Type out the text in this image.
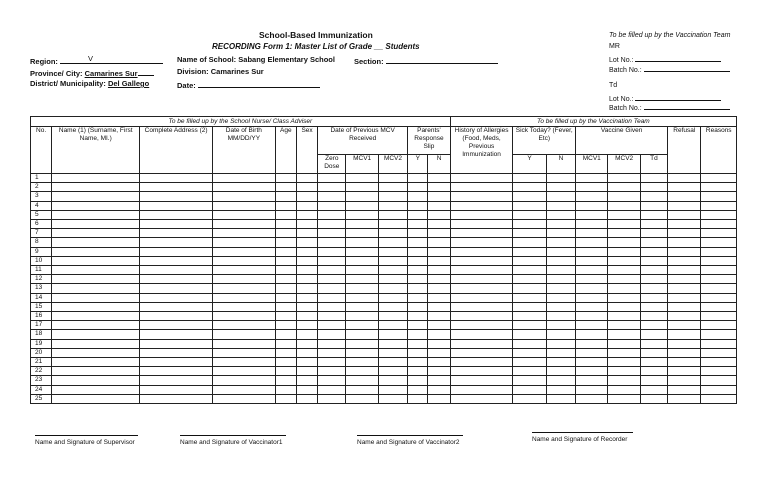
School-Based Immunization
RECORDING Form 1: Master List of Grade __ Students
Region:	V
Province/ City: Camarines Sur
District/ Municipality: Del Gallego
Name of School: Sabang Elementary School	Section:
Division: Camarines Sur
Date:
To be filled up by the Vaccination Team
MR
Lot No.:
Batch No.:
Td
Lot No.:
Batch No.:
To be filled up by the School Nurse/ Class Adviser											To be filled up by the Vaccination Team							
No.	Name (1) (Surname, First Name, MI.)	Complete Address (2)	Date of Birth MM/DD/YY	Age	Sex	Date of Previous MCV Received			Parents' Response Slip		History of Allergies (Food, Meds, Previous Immunization	Sick Today? (Fever, Etc)		Vaccine Given			Refusal	Reasons
						Zero Dose	MCV1	MCV2	Y	N		Y	N	MCV1	MCV2	Td		
1																		
2																		
3																		
4																		
5																		
6																		
7																		
8																		
9																		
10																		
11																		
12																		
13																		
14																		
15																		
16																		
17																		
18																		
19																		
20																		
21																		
22																		
23																		
24																		
25																		
Name and Signature of Supervisor	Name and Signature of Vaccinator1	Name and Signature of Vaccinator2	Name and Signature of Recorder
